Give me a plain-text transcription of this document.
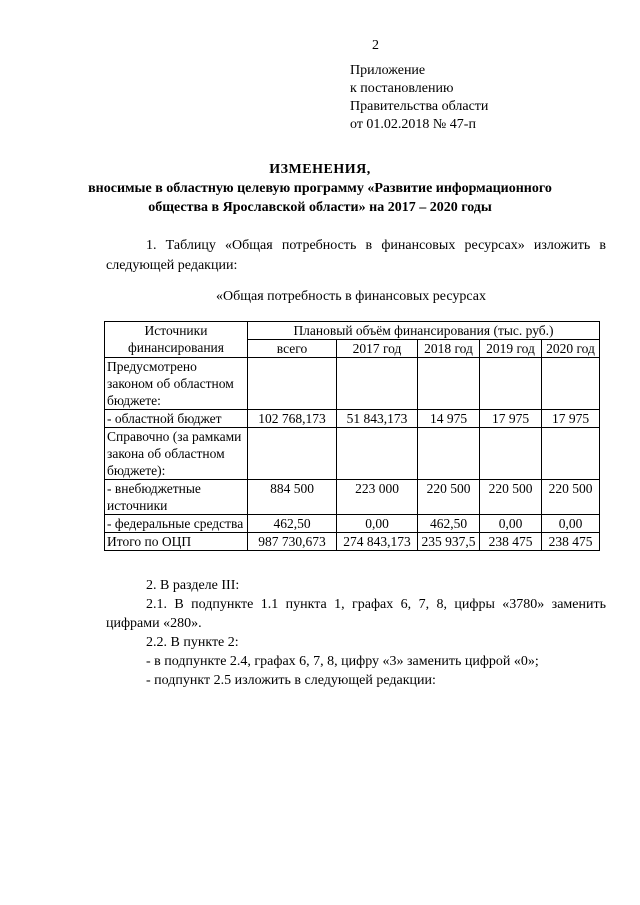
2
Приложение
к постановлению
Правительства области
от 01.02.2018 № 47-п
ИЗМЕНЕНИЯ,
вносимые в областную целевую программу «Развитие информационного
общества в Ярославской области» на 2017 – 2020 годы
1. Таблицу «Общая потребность в финансовых ресурсах» изложить в следующей редакции:
«Общая потребность в финансовых ресурсах
Источники финансирования	Плановый объём финансирования (тыс. руб.)				
	всего	2017 год	2018 год	2019 год	2020 год
Предусмотрено законом об областном бюджете:					
- областной бюджет	102 768,173	51 843,173	14 975	17 975	17 975
Справочно (за рамками закона об областном бюджете):					
- внебюджетные источники	884 500	223 000	220 500	220 500	220 500
- федеральные средства	462,50	0,00	462,50	0,00	0,00
Итого по ОЦП	987 730,673	274 843,173	235 937,5	238 475	238 475
2. В разделе III:
2.1. В подпункте 1.1 пункта 1, графах 6, 7, 8, цифры «3780» заменить цифрами «280».
2.2. В пункте 2:
- в подпункте 2.4, графах 6, 7, 8, цифру «3» заменить цифрой «0»;
- подпункт 2.5 изложить в следующей редакции:
